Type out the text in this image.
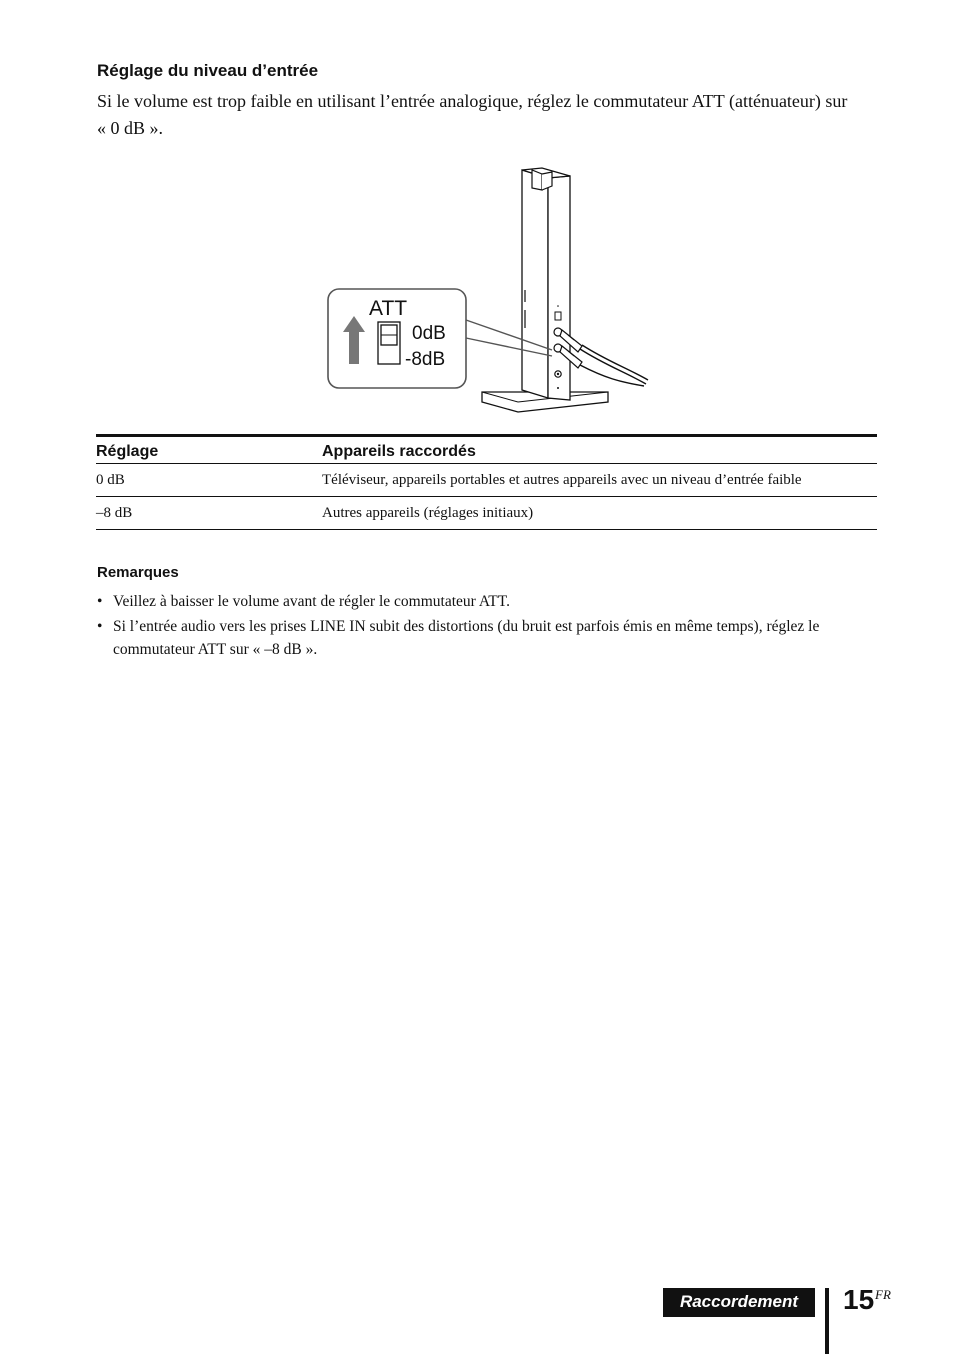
Réglage du niveau d’entrée
Si le volume est trop faible en utilisant l’entrée analogique, réglez le commutateur ATT (atténuateur) sur « 0 dB ».
ATT
0dB
-8dB
Réglage	Appareils raccordés
0 dB	Téléviseur, appareils portables et autres appareils avec un niveau d’entrée faible
–8 dB	Autres appareils (réglages initiaux)
Remarques
• Veillez à baisser le volume avant de régler le commutateur ATT.
• Si l’entrée audio vers les prises LINE IN subit des distortions (du bruit est parfois émis en même temps), réglez le commutateur ATT sur « –8 dB ».
Raccordement	15 FR
